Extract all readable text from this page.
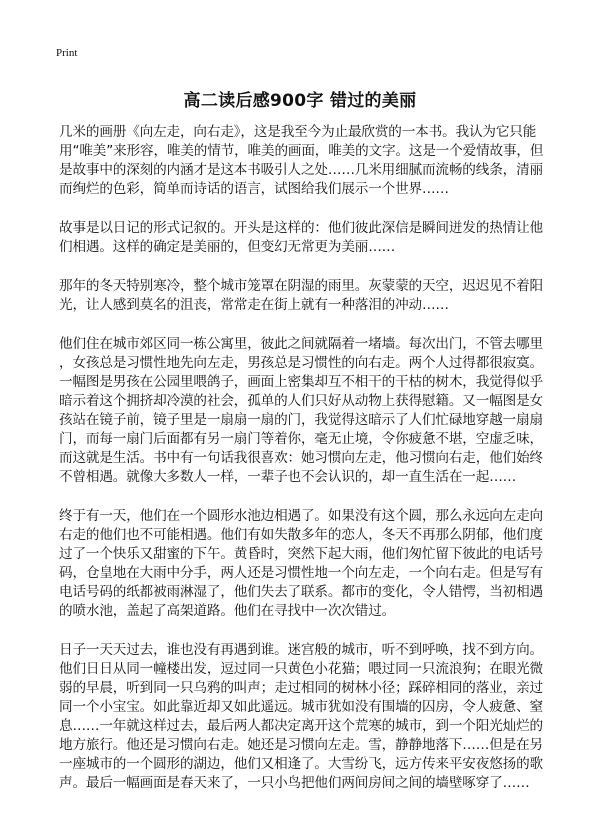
Print
高二读后感900字 错过的美丽

几米的画册《向左走，向右走》，这是我至今为止最欣赏的一本书。我认为它只能
用“唯美”来形容，唯美的情节，唯美的画面，唯美的文字。这是一个爱情故事，但
是故事中的深刻的内涵才是这本书吸引人之处……几米用细腻而流畅的线条，清丽
而绚烂的色彩，简单而诗话的语言，试图给我们展示一个世界……

故事是以日记的形式记叙的。开头是这样的：他们彼此深信是瞬间迸发的热情让他
们相遇。这样的确定是美丽的，但变幻无常更为美丽……

那年的冬天特别寒冷，整个城市笼罩在阴湿的雨里。灰蒙蒙的天空，迟迟见不着阳
光，让人感到莫名的沮丧，常常走在街上就有一种落泪的冲动……

他们住在城市郊区同一栋公寓里，彼此之间就隔着一堵墙。每次出门，不管去哪里
，女孩总是习惯性地先向左走，男孩总是习惯性的向右走。两个人过得都很寂寞。
一幅图是男孩在公园里喂鸽子，画面上密集却互不相干的干枯的树木，我觉得似乎
暗示着这个拥挤却冷漠的社会，孤单的人们只好从动物上获得慰籍。又一幅图是女
孩站在镜子前，镜子里是一扇扇一扇的门，我觉得这暗示了人们忙碌地穿越一扇扇
门，而每一扇门后面都有另一扇门等着你，毫无止境，令你疲惫不堪，空虚乏味，
而这就是生活。书中有一句话我很喜欢：她习惯向左走，他习惯向右走，他们始终
不曾相遇。就像大多数人一样，一辈子也不会认识的，却一直生活在一起……

终于有一天，他们在一个圆形水池边相遇了。如果没有这个圆，那么永远向左走向
右走的他们也不可能相遇。他们有如失散多年的恋人，冬天不再那么阴郁，他们度
过了一个快乐又甜蜜的下午。黄昏时，突然下起大雨，他们匆忙留下彼此的电话号
码，仓皇地在大雨中分手，两人还是习惯性地一个向左走，一个向右走。但是写有
电话号码的纸都被雨淋湿了，他们失去了联系。都市的变化，令人错愕，当初相遇
的喷水池，盖起了高架道路。他们在寻找中一次次错过。

日子一天天过去，谁也没有再遇到谁。迷宫般的城市，听不到呼唤，找不到方向。
他们日日从同一幢楼出发，逗过同一只黄色小花猫；喂过同一只流浪狗；在眼光微
弱的早晨，听到同一只乌鸦的叫声；走过相同的树林小径；踩碎相同的落业，亲过
同一个小宝宝。如此靠近却又如此遥远。城市犹如没有围墙的囚房，令人疲惫、窒
息……一年就这样过去，最后两人都决定离开这个荒寒的城市，到一个阳光灿烂的
地方旅行。他还是习惯向右走。她还是习惯向左走。雪，静静地落下……但是在另
一座城市的一个圆形的湖边，他们又相逢了。大雪纷飞，远方传来平安夜悠扬的歌
声。最后一幅画面是春天来了，一只小鸟把他们两间房间之间的墙壁啄穿了……
